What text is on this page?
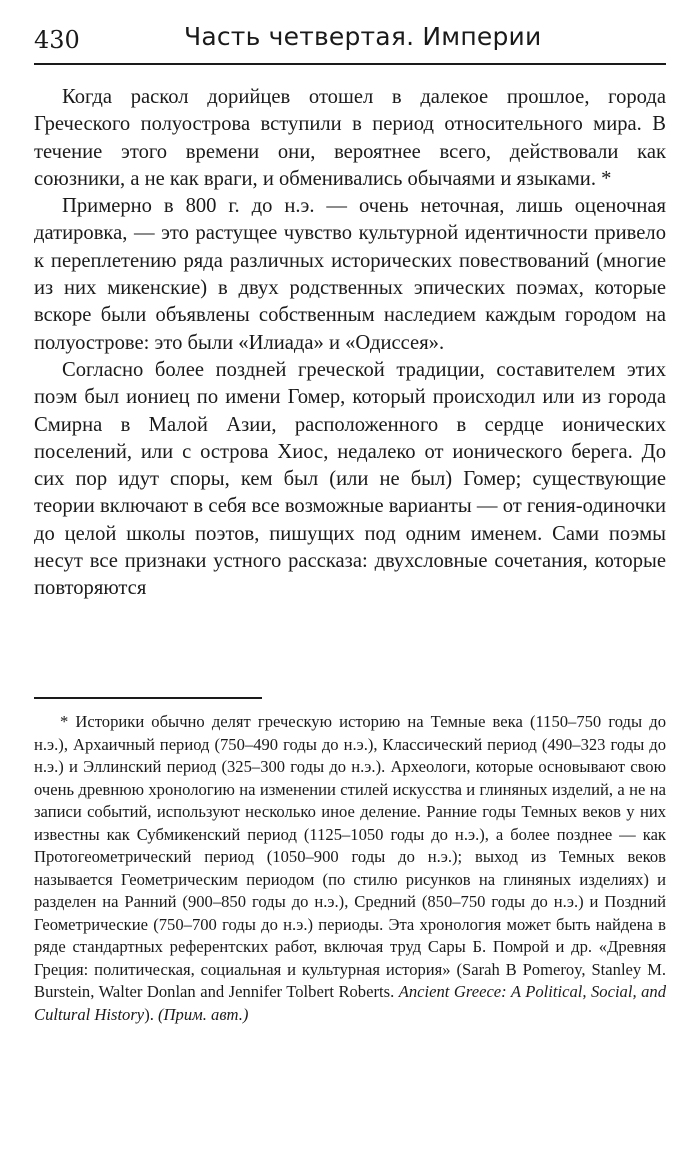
430	Часть четвертая. Империи

Когда раскол дорийцев отошел в далекое прошлое, города Греческого полуострова вступили в период относительного мира. В течение этого времени они, вероятнее всего, действовали как союзники, а не как враги, и обменивались обычаями и языками. *

Примерно в 800 г. до н.э. — очень неточная, лишь оценочная датировка, — это растущее чувство культурной идентичности привело к переплетению ряда различных исторических повествований (многие из них микенские) в двух родственных эпических поэмах, которые вскоре были объявлены собственным наследием каждым городом на полуострове: это были «Илиада» и «Одиссея».

Согласно более поздней греческой традиции, составителем этих поэм был иониец по имени Гомер, который происходил или из города Смирна в Малой Азии, расположенного в сердце ионических поселений, или с острова Хиос, недалеко от ионического берега. До сих пор идут споры, кем был (или не был) Гомер; существующие теории включают в себя все возможные варианты — от гения-одиночки до целой школы поэтов, пишущих под одним именем. Сами поэмы несут все признаки устного рассказа: двухсловные сочетания, которые повторяются

* Историки обычно делят греческую историю на Темные века (1150–750 годы до н.э.), Архаичный период (750–490 годы до н.э.), Классический период (490–323 годы до н.э.) и Эллинский период (325–300 годы до н.э.). Археологи, которые основывают свою очень древнюю хронологию на изменении стилей искусства и глиняных изделий, а не на записи событий, используют несколько иное деление. Ранние годы Темных веков у них известны как Субмикенский период (1125–1050 годы до н.э.), а более позднее — как Протогеометрический период (1050–900 годы до н.э.); выход из Темных веков называется Геометрическим периодом (по стилю рисунков на глиняных изделиях) и разделен на Ранний (900–850 годы до н.э.), Средний (850–750 годы до н.э.) и Поздний Геометрические (750–700 годы до н.э.) периоды. Эта хронология может быть найдена в ряде стандартных референтских работ, включая труд Сары Б. Помрой и др. «Древняя Греция: политическая, социальная и культурная история» (Sarah B Pomeroy, Stanley M. Burstein, Walter Donlan and Jennifer Tolbert Roberts. Ancient Greece: A Political, Social, and Cultural History). (Прим. авт.)
